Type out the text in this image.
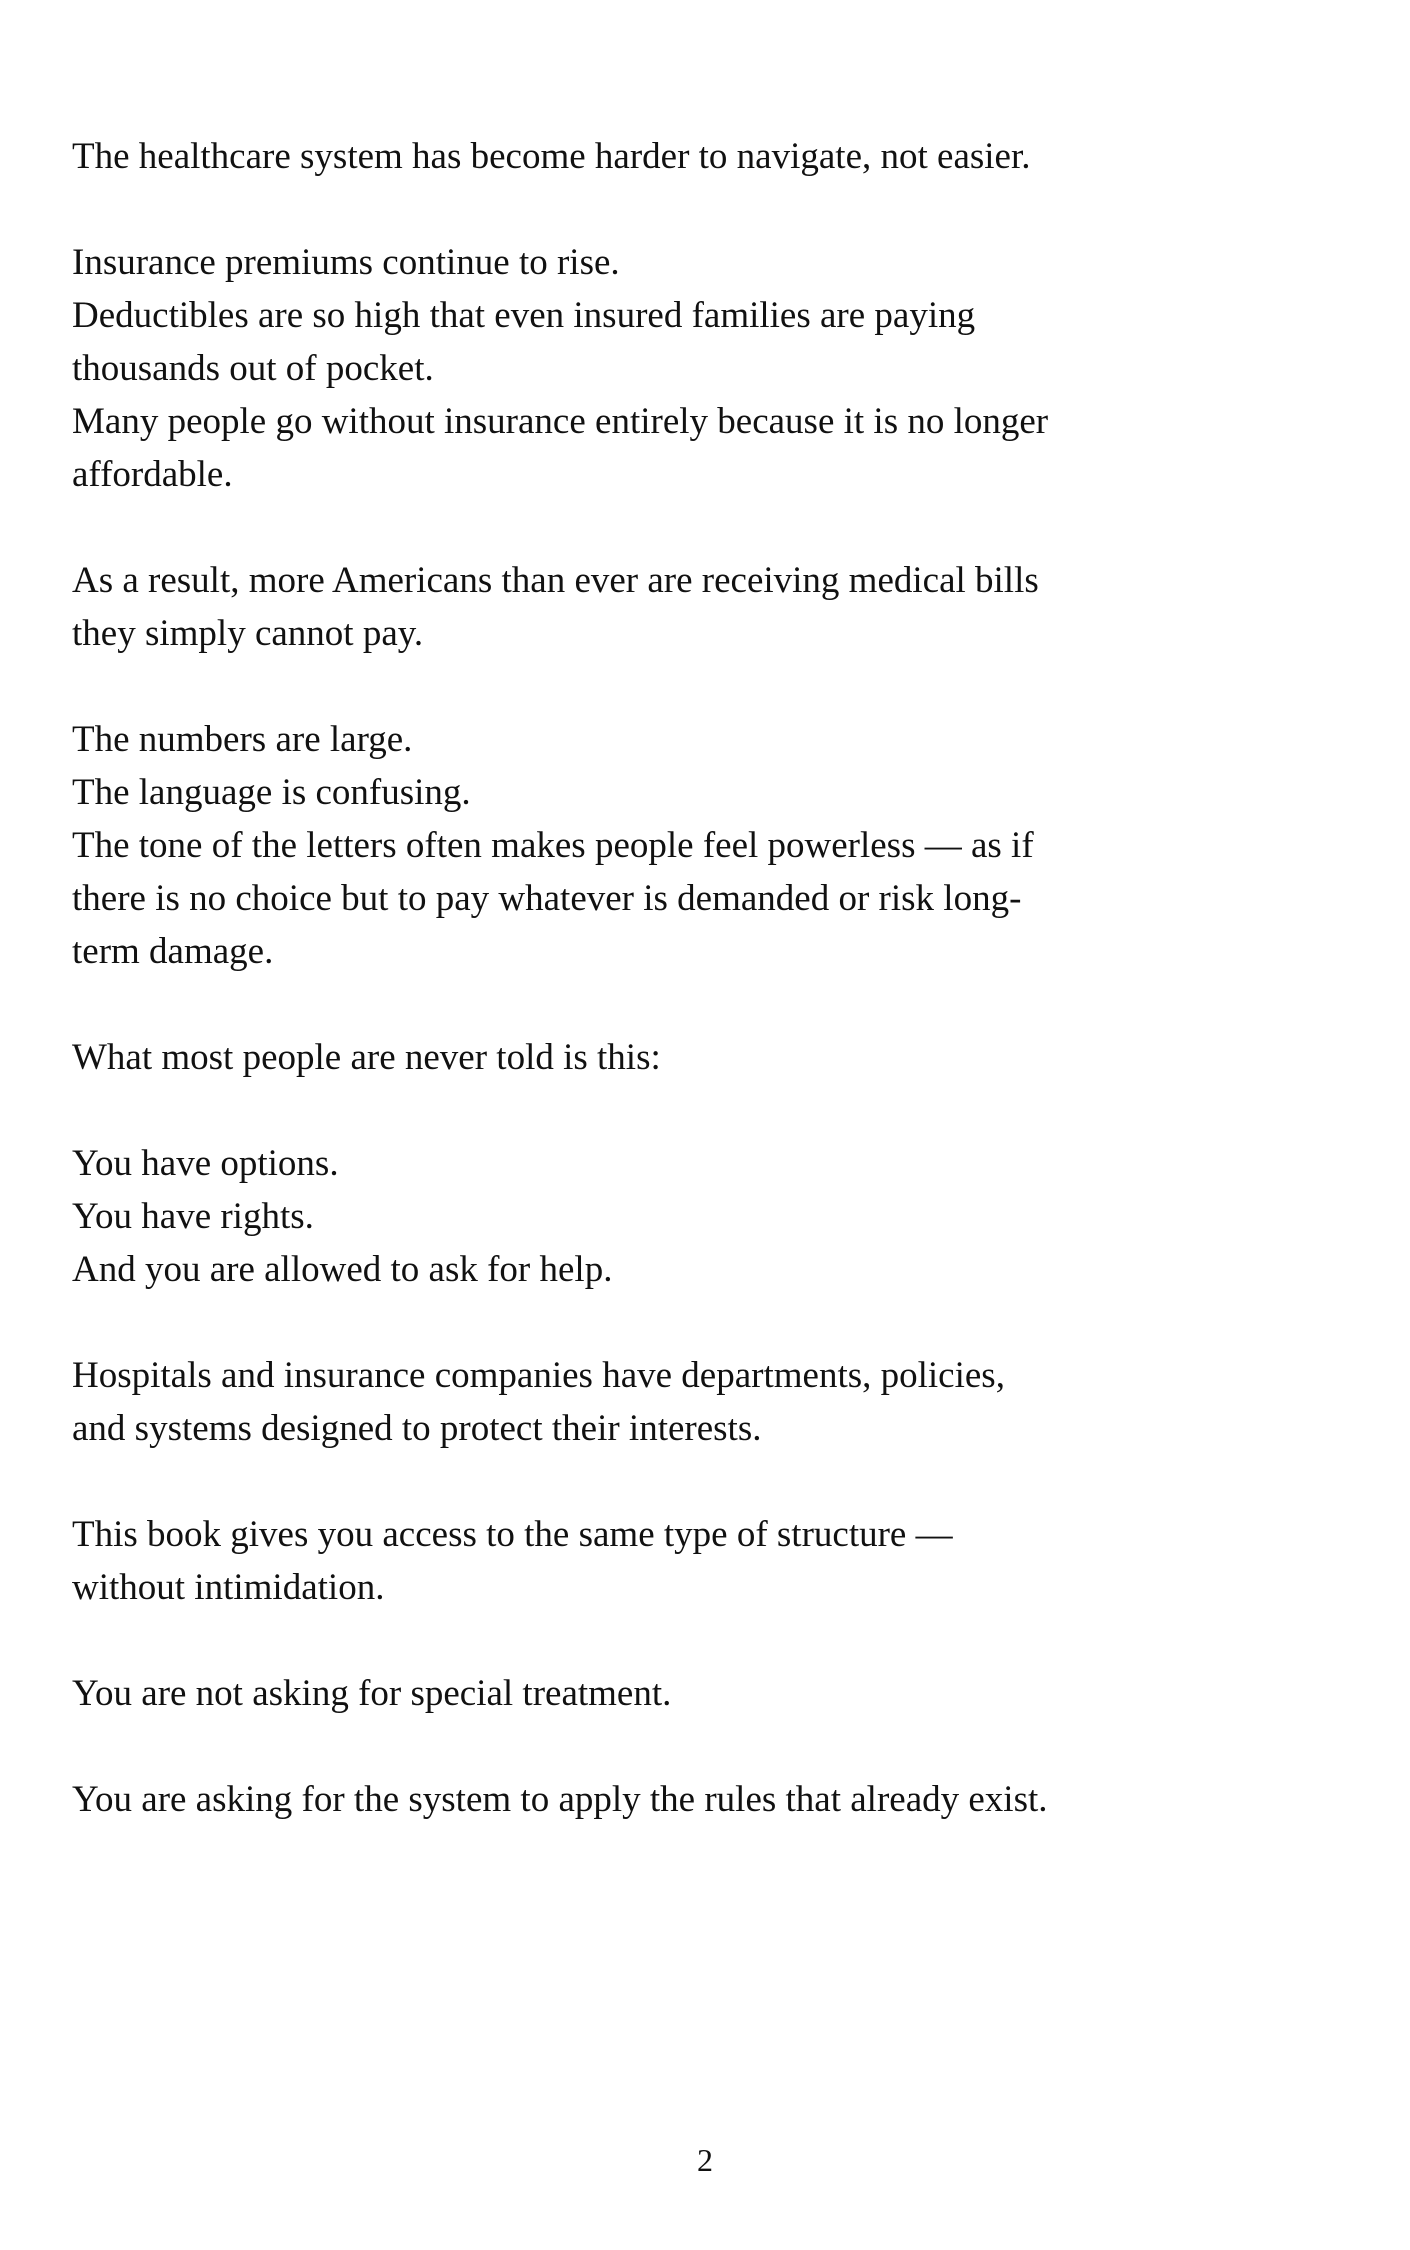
The healthcare system has become harder to navigate, not easier.

Insurance premiums continue to rise.
Deductibles are so high that even insured families are paying
thousands out of pocket.
Many people go without insurance entirely because it is no longer
affordable.

As a result, more Americans than ever are receiving medical bills
they simply cannot pay.

The numbers are large.
The language is confusing.
The tone of the letters often makes people feel powerless — as if
there is no choice but to pay whatever is demanded or risk long-
term damage.

What most people are never told is this:

You have options.
You have rights.
And you are allowed to ask for help.

Hospitals and insurance companies have departments, policies,
and systems designed to protect their interests.

This book gives you access to the same type of structure —
without intimidation.

You are not asking for special treatment.

You are asking for the system to apply the rules that already exist.

2
